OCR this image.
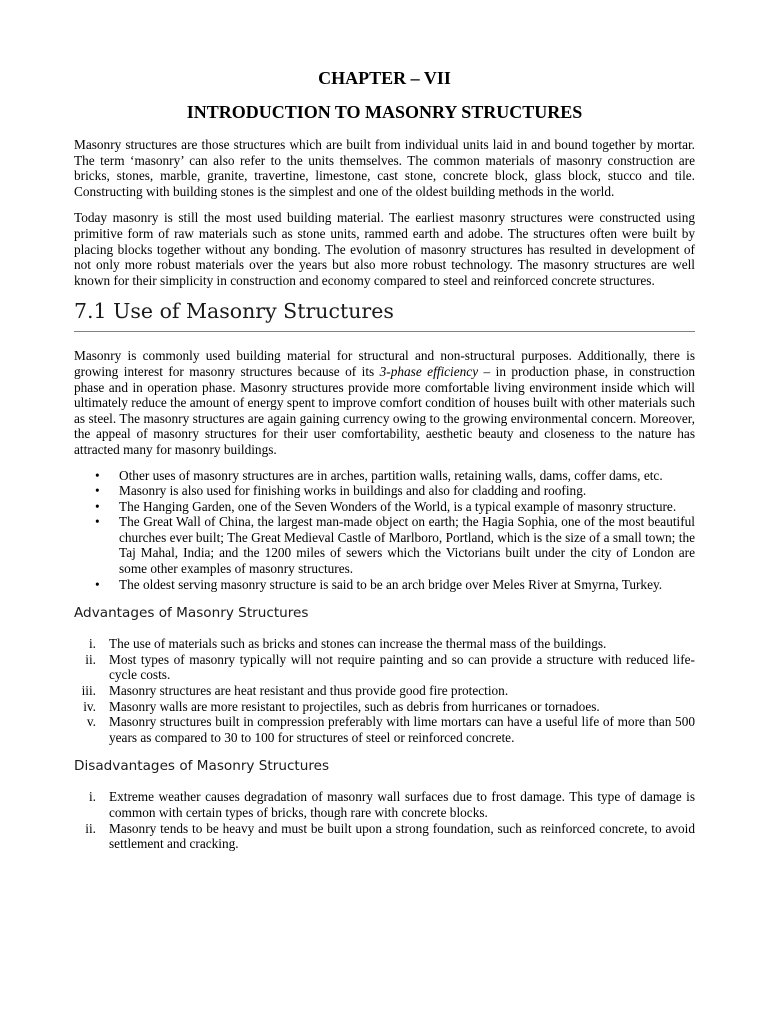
CHAPTER – VII
INTRODUCTION TO MASONRY STRUCTURES

Masonry structures are those structures which are built from individual units laid in and bound together by mortar. The term ‘masonry’ can also refer to the units themselves. The common materials of masonry construction are bricks, stones, marble, granite, travertine, limestone, cast stone, concrete block, glass block, stucco and tile. Constructing with building stones is the simplest and one of the oldest building methods in the world.

Today masonry is still the most used building material. The earliest masonry structures were constructed using primitive form of raw materials such as stone units, rammed earth and adobe. The structures often were built by placing blocks together without any bonding. The evolution of masonry structures has resulted in development of not only more robust materials over the years but also more robust technology. The masonry structures are well known for their simplicity in construction and economy compared to steel and reinforced concrete structures.

7.1 Use of Masonry Structures

Masonry is commonly used building material for structural and non-structural purposes. Additionally, there is growing interest for masonry structures because of its 3-phase efficiency – in production phase, in construction phase and in operation phase. Masonry structures provide more comfortable living environment inside which will ultimately reduce the amount of energy spent to improve comfort condition of houses built with other materials such as steel. The masonry structures are again gaining currency owing to the growing environmental concern. Moreover, the appeal of masonry structures for their user comfortability, aesthetic beauty and closeness to the nature has attracted many for masonry buildings.

• Other uses of masonry structures are in arches, partition walls, retaining walls, dams, coffer dams, etc.
• Masonry is also used for finishing works in buildings and also for cladding and roofing.
• The Hanging Garden, one of the Seven Wonders of the World, is a typical example of masonry structure.
• The Great Wall of China, the largest man-made object on earth; the Hagia Sophia, one of the most beautiful churches ever built; The Great Medieval Castle of Marlboro, Portland, which is the size of a small town; the Taj Mahal, India; and the 1200 miles of sewers which the Victorians built under the city of London are some other examples of masonry structures.
• The oldest serving masonry structure is said to be an arch bridge over Meles River at Smyrna, Turkey.
Advantages of Masonry Structures
i. The use of materials such as bricks and stones can increase the thermal mass of the buildings.
ii. Most types of masonry typically will not require painting and so can provide a structure with reduced life-cycle costs.
iii. Masonry structures are heat resistant and thus provide good fire protection.
iv. Masonry walls are more resistant to projectiles, such as debris from hurricanes or tornadoes.
v. Masonry structures built in compression preferably with lime mortars can have a useful life of more than 500 years as compared to 30 to 100 for structures of steel or reinforced concrete.
Disadvantages of Masonry Structures
i. Extreme weather causes degradation of masonry wall surfaces due to frost damage. This type of damage is common with certain types of bricks, though rare with concrete blocks.
ii. Masonry tends to be heavy and must be built upon a strong foundation, such as reinforced concrete, to avoid settlement and cracking.
